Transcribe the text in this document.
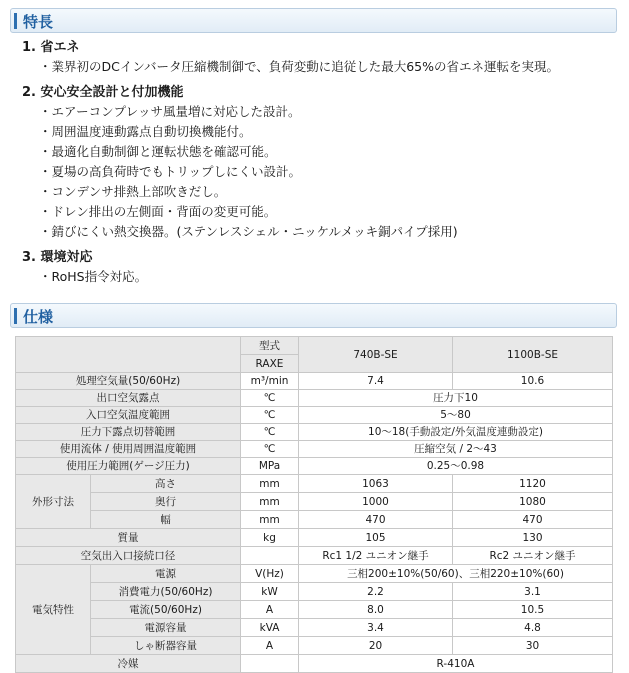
特長
1. 省エネ
・業界初のDCインバータ圧縮機制御で、負荷変動に追従した最大65%の省エネ運転を実現。
2. 安心安全設計と付加機能
・エアーコンプレッサ風量増に対応した設計。
・周囲温度連動露点自動切換機能付。
・最適化自動制御と運転状態を確認可能。
・夏場の高負荷時でもトリップしにくい設計。
・コンデンサ排熱上部吹きだし。
・ドレン排出の左側面・背面の変更可能。
・錆びにくい熱交換器。(ステンレスシェル・ニッケルメッキ銅パイプ採用)
3. 環境対応
・RoHS指令対応。
仕様
		型式	740B-SE	1100B-SE
		RAXE		
処理空気量(50/60Hz)		m³/min	7.4	10.6
出口空気露点		℃	圧力下10	
入口空気温度範囲		℃	5〜80	
圧力下露点切替範囲		℃	10〜18(手動設定/外気温度連動設定)	
使用流体 / 使用周囲温度範囲		℃	圧縮空気 / 2〜43	
使用圧力範囲(ゲージ圧力)		MPa	0.25〜0.98	
外形寸法	高さ	mm	1063	1120
	奥行	mm	1000	1080
	幅	mm	470	470
質量		kg	105	130
空気出入口接続口径			Rc1 1/2 ユニオン継手	Rc2 ユニオン継手
電気特性	電源	V(Hz)	三相200±10%(50/60)、三相220±10%(60)	
	消費電力(50/60Hz)	kW	2.2	3.1
	電流(50/60Hz)	A	8.0	10.5
	電源容量	kVA	3.4	4.8
	しゃ断器容量	A	20	30
冷媒			R-410A	
